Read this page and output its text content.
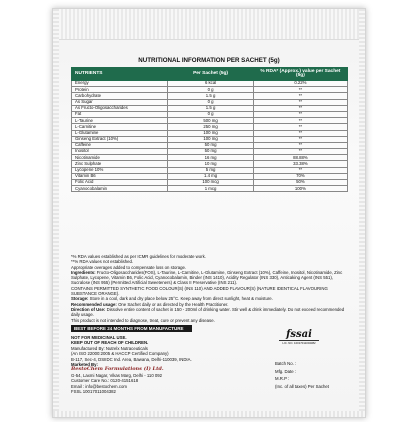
NUTRITIONAL INFORMATION PER SACHET (5g)
NUTRIENTS	Per Sachet (5g)	% RDA* (Approx.) value per Sachet (5g)
Energy	6 kcal	0.22%
Protein	0 g	**
Carbohydrate	1.5 g	**
As Sugar	0 g	**
As Fructo-Oligosaccharides	1.5 g	**
Fat	0 g	**
L-Taurine	500 mg	**
L-Carnitine	250 mg	**
L-Glutamine	100 mg	**
Ginseng Extract (10%)	100 mg	**
Caffeine	50 mg	**
Inositol	50 mg	**
Nicotinamide	16 mg	88.88%
Zinc Sulphate	10 mg	33.38%
Lycopene 10%	5 mg	**
Vitamin B6	1.4 mg	70%
Folic Acid	100 mcg	50%
Cyanocobalamin	1 mcg	100%
*% RDA values established as per ICMR guidelines for moderate work.
**% RDA values not established.
Appropriate overages added to compensate loss on storage.
Ingredients: Fructo-Oligosaccharides(FOS), L-Taurine, L-Carnitine, L-Glutamine, Ginseng Extract (10%), Caffeine, Inositol, Nicotinamide, Zinc Sulphate, Lycopene, Vitamin B6, Folic Acid, Cyanocobalamin, Binder (INS 1410), Acidity Regulator (INS 330), Anticaking Agent (INS 551), Sucralose (INS 955) (Permitted Artificial Sweeteners) & Class II Preservative (INS 211).
CONTAINS PERMITTED SYNTHETIC FOOD COLOUR(S) (INS 110) AND ADDED FLAVOUR(S) (NATURE IDENTICAL FLAVOURING SUBSTANCE ORANGE).
Storage: Store in a cool, dark and dry place below 25°C. Keep away from direct sunlight, heat & moisture.
Recommended usage: One Sachet daily or as directed by the Health Practitioner.
Direction of Use: Dissolve entire content of sachet in 150 - 200ml of drinking water. Stir well & drink immediately. Do not exceed recommended daily usage.
This product is not intended to diagnose, treat, cure or prevent any disease.
BEST BEFORE 24 MONTHS FROM MANUFACTURE
NOT FOR MEDICINAL USE.
KEEP OUT OF REACH OF CHILDREN.
Manufactured By: Nutrelx Nutraceuticals
(An ISO 22000:2005 & HACCP Certified Company)
B-117, Sec-4, DSIIDC Ind. Area, Bawana, Delhi-110039, INDIA.
Marketed By:
BestoChem Formulations (I) Ltd.
G-54, Laxmi Nagar, Vikas Marg, Delhi - 110 092
Customer Care No.: 0120-4151618
Email : info@bestochem.com
FSSL 10017011004382
fssai
LIC. NO. 10017011004382
Batch No. :
Mfg. Date :
M.R.P :
(Inc. of all taxes) Per Sachet
